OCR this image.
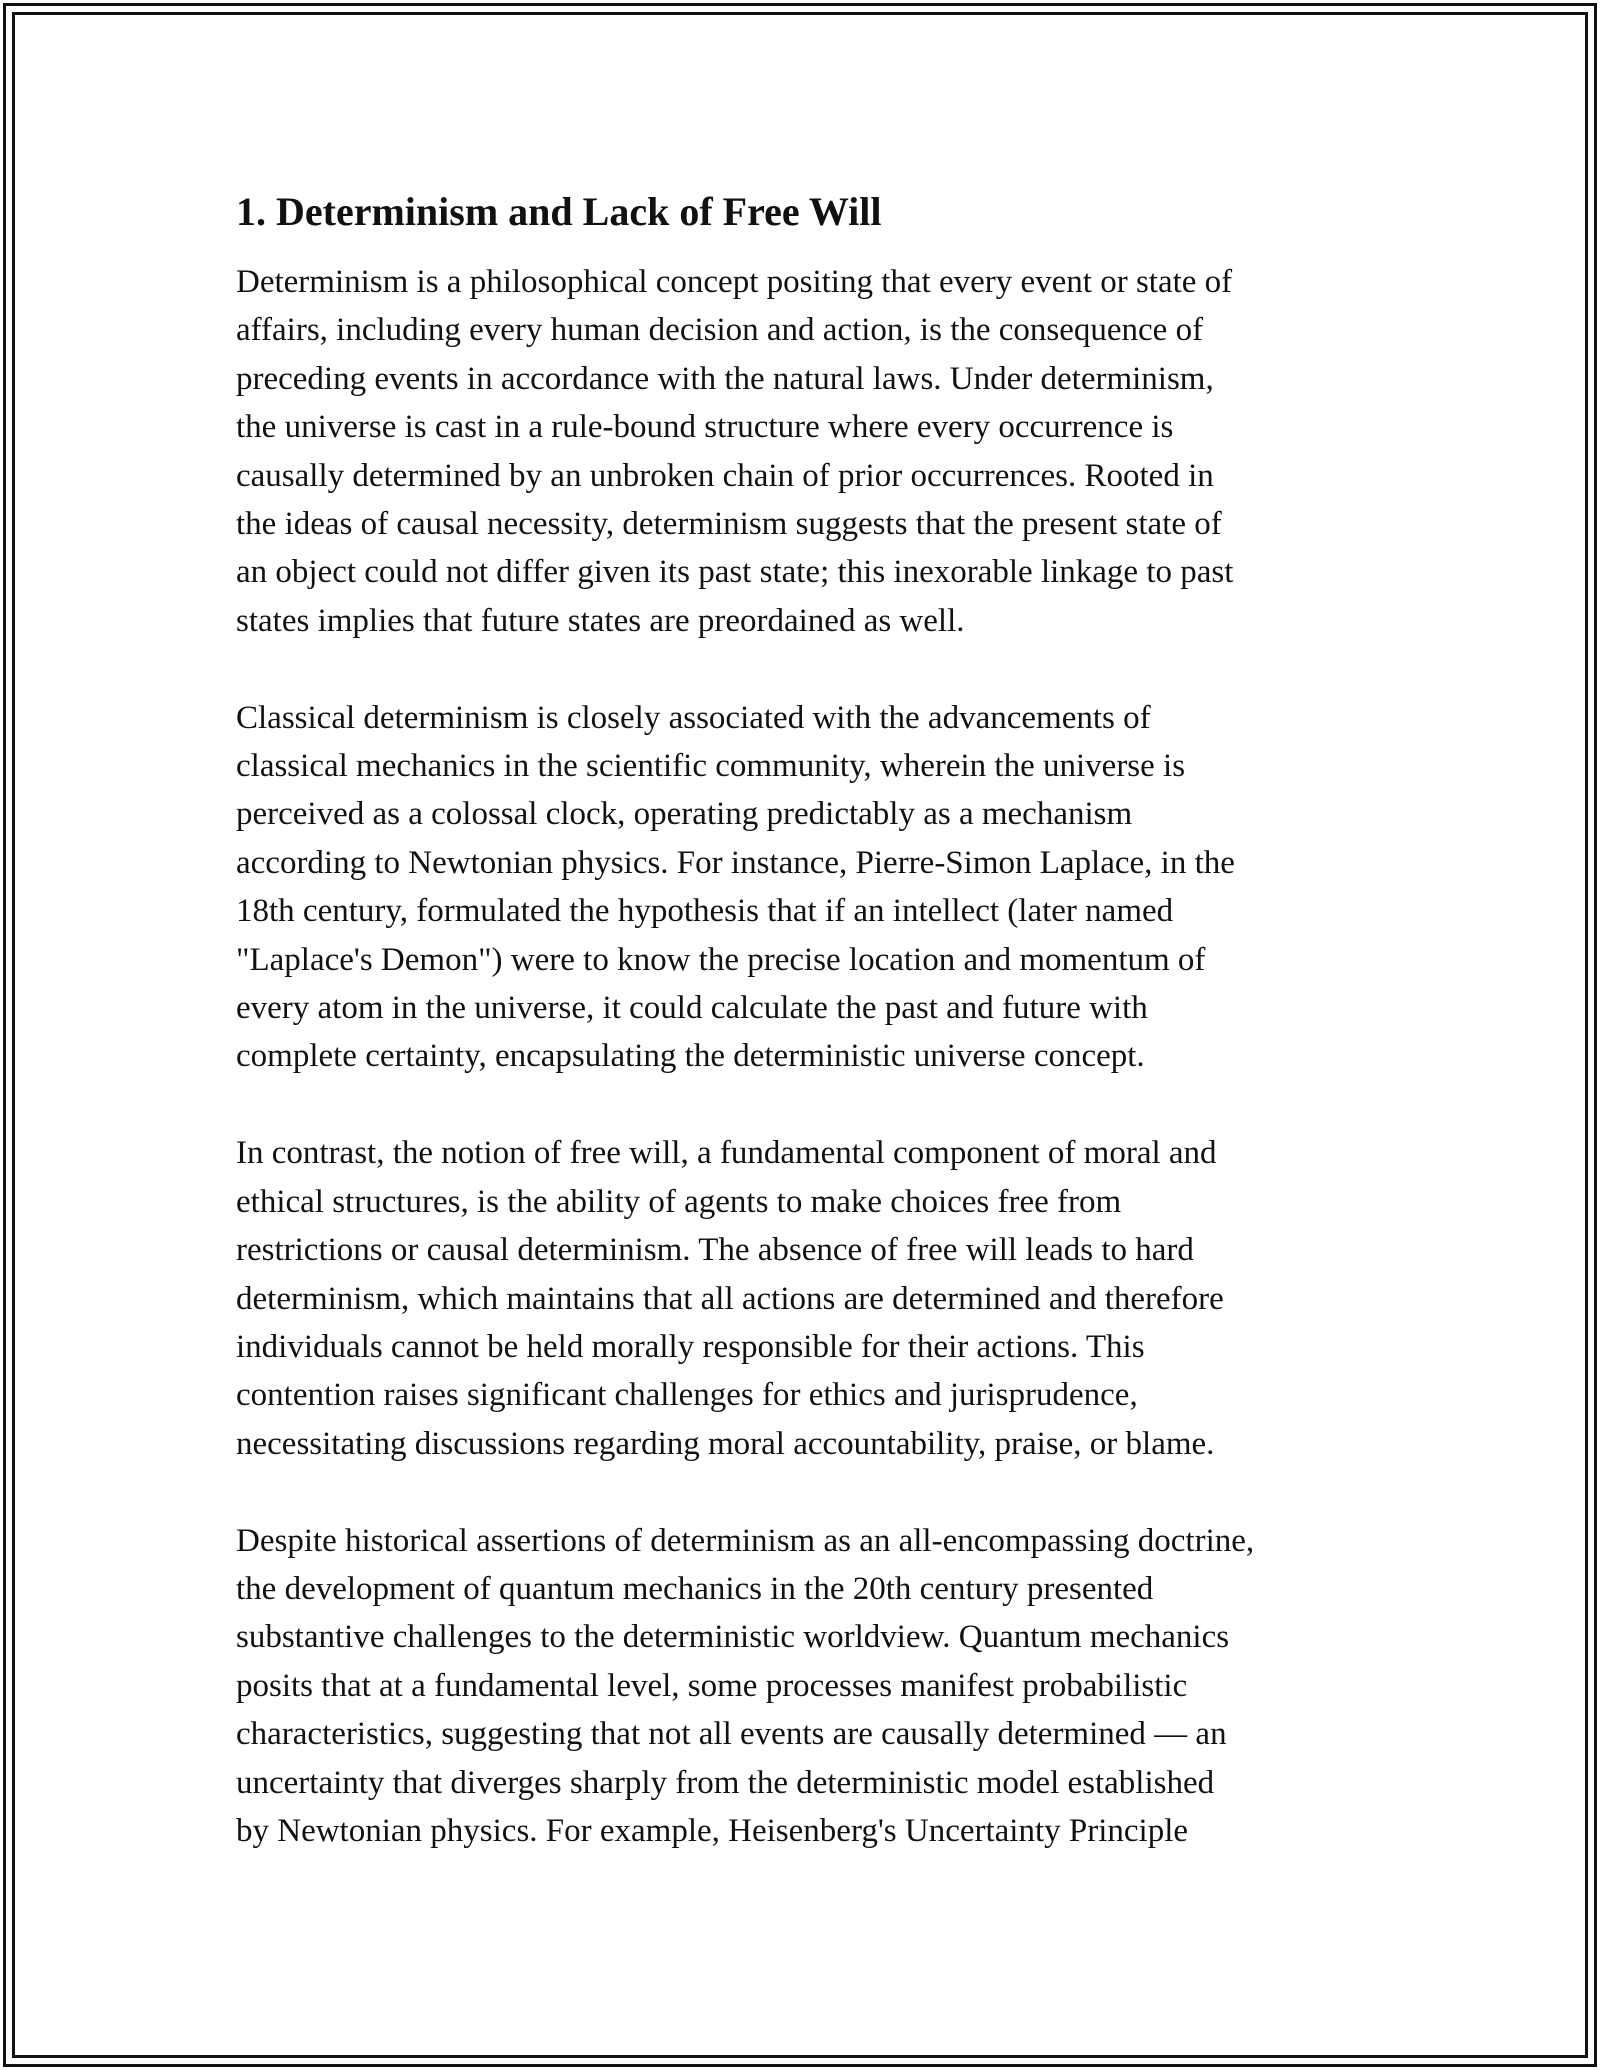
1. Determinism and Lack of Free Will

Determinism is a philosophical concept positing that every event or state of
affairs, including every human decision and action, is the consequence of
preceding events in accordance with the natural laws. Under determinism,
the universe is cast in a rule-bound structure where every occurrence is
causally determined by an unbroken chain of prior occurrences. Rooted in
the ideas of causal necessity, determinism suggests that the present state of
an object could not differ given its past state; this inexorable linkage to past
states implies that future states are preordained as well.

Classical determinism is closely associated with the advancements of
classical mechanics in the scientific community, wherein the universe is
perceived as a colossal clock, operating predictably as a mechanism
according to Newtonian physics. For instance, Pierre-Simon Laplace, in the
18th century, formulated the hypothesis that if an intellect (later named
"Laplace's Demon") were to know the precise location and momentum of
every atom in the universe, it could calculate the past and future with
complete certainty, encapsulating the deterministic universe concept.

In contrast, the notion of free will, a fundamental component of moral and
ethical structures, is the ability of agents to make choices free from
restrictions or causal determinism. The absence of free will leads to hard
determinism, which maintains that all actions are determined and therefore
individuals cannot be held morally responsible for their actions. This
contention raises significant challenges for ethics and jurisprudence,
necessitating discussions regarding moral accountability, praise, or blame.

Despite historical assertions of determinism as an all-encompassing doctrine,
the development of quantum mechanics in the 20th century presented
substantive challenges to the deterministic worldview. Quantum mechanics
posits that at a fundamental level, some processes manifest probabilistic
characteristics, suggesting that not all events are causally determined — an
uncertainty that diverges sharply from the deterministic model established
by Newtonian physics. For example, Heisenberg's Uncertainty Principle
